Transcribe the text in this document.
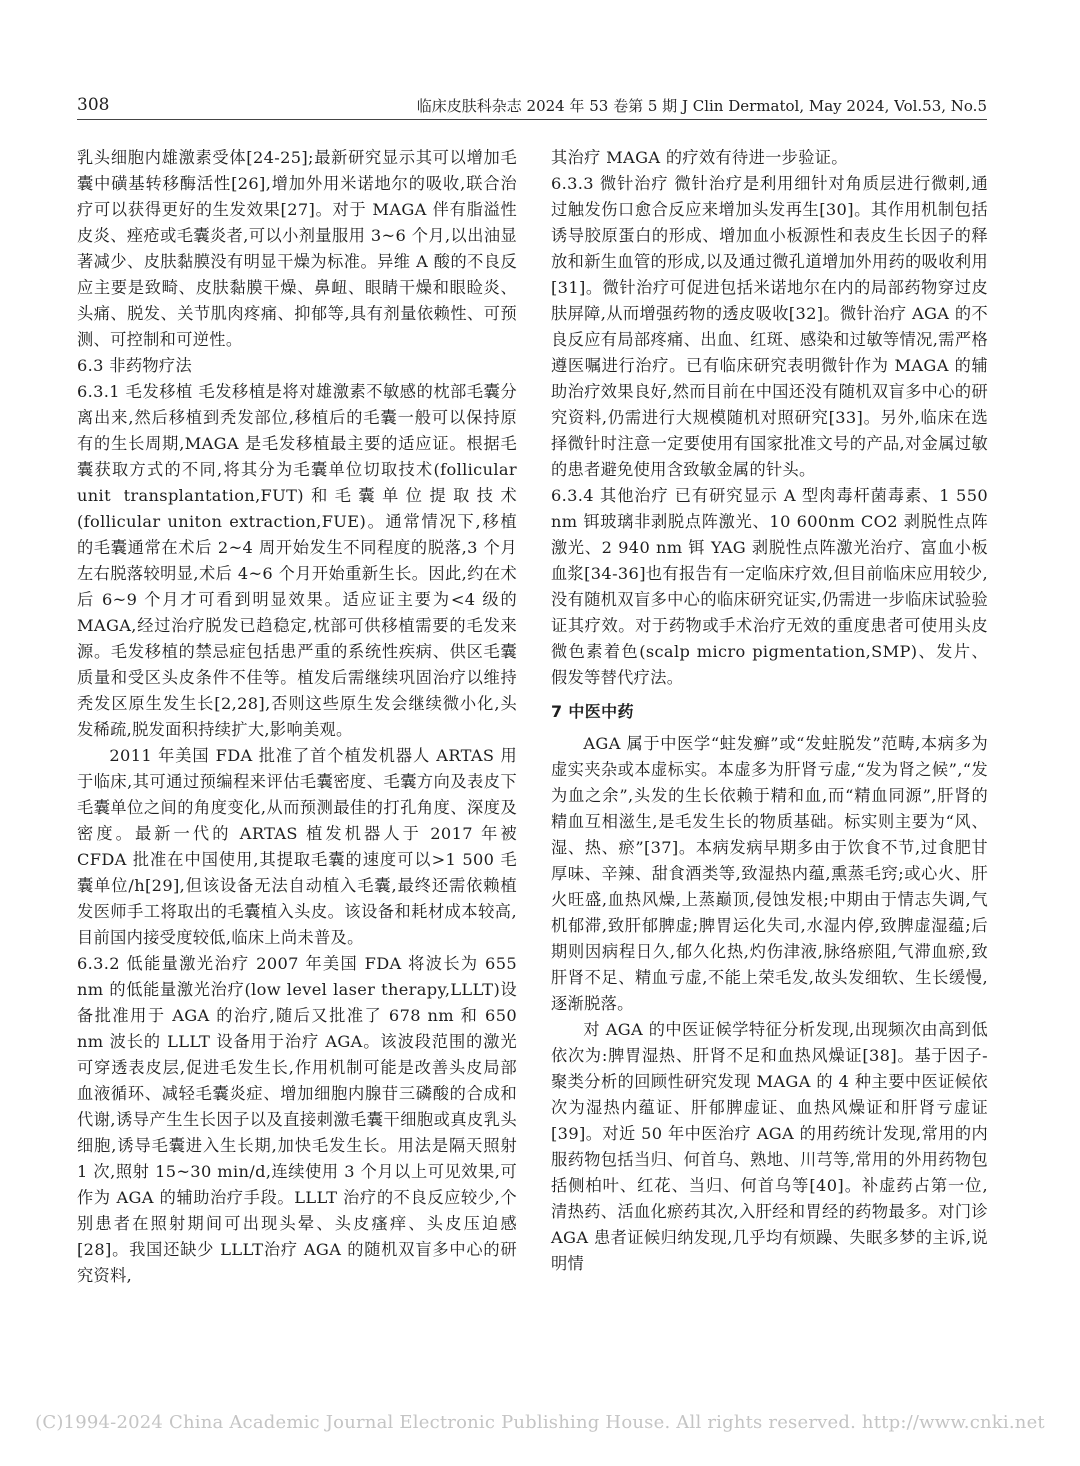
308	临床皮肤科杂志 2024 年 53 卷第 5 期 J Clin Dermatol, May 2024, Vol.53, No.5

乳头细胞内雄激素受体[24-25];最新研究显示其可以增加毛囊中磺基转移酶活性[26],增加外用米诺地尔的吸收,联合治疗可以获得更好的生发效果[27]。对于 MAGA 伴有脂溢性皮炎、痤疮或毛囊炎者,可以小剂量服用 3~6 个月,以出油显著减少、皮肤黏膜没有明显干燥为标准。异维 A 酸的不良反应主要是致畸、皮肤黏膜干燥、鼻衄、眼睛干燥和眼睑炎、头痛、脱发、关节肌肉疼痛、抑郁等,具有剂量依赖性、可预测、可控制和可逆性。

6.3 非药物疗法

6.3.1 毛发移植 毛发移植是将对雄激素不敏感的枕部毛囊分离出来,然后移植到秃发部位,移植后的毛囊一般可以保持原有的生长周期,MAGA 是毛发移植最主要的适应证。根据毛囊获取方式的不同,将其分为毛囊单位切取技术(follicular unit transplantation,FUT)和毛囊单位提取技术(follicular uniton extraction,FUE)。通常情况下,移植的毛囊通常在术后 2~4 周开始发生不同程度的脱落,3 个月左右脱落较明显,术后 4~6 个月开始重新生长。因此,约在术后 6~9 个月才可看到明显效果。适应证主要为<4 级的 MAGA,经过治疗脱发已趋稳定,枕部可供移植需要的毛发来源。毛发移植的禁忌症包括患严重的系统性疾病、供区毛囊质量和受区头皮条件不佳等。植发后需继续巩固治疗以维持秃发区原生发生长[2,28],否则这些原生发会继续微小化,头发稀疏,脱发面积持续扩大,影响美观。

2011 年美国 FDA 批准了首个植发机器人 ARTAS 用于临床,其可通过预编程来评估毛囊密度、毛囊方向及表皮下毛囊单位之间的角度变化,从而预测最佳的打孔角度、深度及密度。最新一代的 ARTAS 植发机器人于 2017 年被 CFDA 批准在中国使用,其提取毛囊的速度可以>1 500 毛囊单位/h[29],但该设备无法自动植入毛囊,最终还需依赖植发医师手工将取出的毛囊植入头皮。该设备和耗材成本较高,目前国内接受度较低,临床上尚未普及。

6.3.2 低能量激光治疗 2007 年美国 FDA 将波长为 655 nm 的低能量激光治疗(low level laser therapy,LLLT)设备批准用于 AGA 的治疗,随后又批准了 678 nm 和 650 nm 波长的 LLLT 设备用于治疗 AGA。该波段范围的激光可穿透表皮层,促进毛发生长,作用机制可能是改善头皮局部血液循环、减轻毛囊炎症、增加细胞内腺苷三磷酸的合成和代谢,诱导产生生长因子以及直接刺激毛囊干细胞或真皮乳头细胞,诱导毛囊进入生长期,加快毛发生长。用法是隔天照射 1 次,照射 15~30 min/d,连续使用 3 个月以上可见效果,可作为 AGA 的辅助治疗手段。LLLT 治疗的不良反应较少,个别患者在照射期间可出现头晕、头皮瘙痒、头皮压迫感[28]。我国还缺少 LLLT治疗 AGA 的随机双盲多中心的研究资料,

其治疗 MAGA 的疗效有待进一步验证。

6.3.3 微针治疗 微针治疗是利用细针对角质层进行微刺,通过触发伤口愈合反应来增加头发再生[30]。其作用机制包括诱导胶原蛋白的形成、增加血小板源性和表皮生长因子的释放和新生血管的形成,以及通过微孔道增加外用药的吸收利用[31]。微针治疗可促进包括米诺地尔在内的局部药物穿过皮肤屏障,从而增强药物的透皮吸收[32]。微针治疗 AGA 的不良反应有局部疼痛、出血、红斑、感染和过敏等情况,需严格遵医嘱进行治疗。已有临床研究表明微针作为 MAGA 的辅助治疗效果良好,然而目前在中国还没有随机双盲多中心的研究资料,仍需进行大规模随机对照研究[33]。另外,临床在选择微针时注意一定要使用有国家批准文号的产品,对金属过敏的患者避免使用含致敏金属的针头。

6.3.4 其他治疗 已有研究显示 A 型肉毒杆菌毒素、1 550 nm 铒玻璃非剥脱点阵激光、10 600nm CO2 剥脱性点阵激光、2 940 nm 铒 YAG 剥脱性点阵激光治疗、富血小板血浆[34-36]也有报告有一定临床疗效,但目前临床应用较少,没有随机双盲多中心的临床研究证实,仍需进一步临床试验验证其疗效。对于药物或手术治疗无效的重度患者可使用头皮微色素着色(scalp micro pigmentation,SMP)、发片、假发等替代疗法。

7 中医中药

AGA 属于中医学“蛀发癣”或“发蛀脱发”范畴,本病多为虚实夹杂或本虚标实。本虚多为肝肾亏虚,“发为肾之候”,“发为血之余”,头发的生长依赖于精和血,而“精血同源”,肝肾的精血互相滋生,是毛发生长的物质基础。标实则主要为“风、湿、热、瘀”[37]。本病发病早期多由于饮食不节,过食肥甘厚味、辛辣、甜食酒类等,致湿热内蕴,熏蒸毛窍;或心火、肝火旺盛,血热风燥,上蒸巅顶,侵蚀发根;中期由于情志失调,气机郁滞,致肝郁脾虚;脾胃运化失司,水湿内停,致脾虚湿蕴;后期则因病程日久,郁久化热,灼伤津液,脉络瘀阻,气滞血瘀,致肝肾不足、精血亏虚,不能上荣毛发,故头发细软、生长缓慢,逐渐脱落。

对 AGA 的中医证候学特征分析发现,出现频次由高到低依次为:脾胃湿热、肝肾不足和血热风燥证[38]。基于因子-聚类分析的回顾性研究发现 MAGA 的 4 种主要中医证候依次为湿热内蕴证、肝郁脾虚证、血热风燥证和肝肾亏虚证[39]。对近 50 年中医治疗 AGA 的用药统计发现,常用的内服药物包括当归、何首乌、熟地、川芎等,常用的外用药物包括侧柏叶、红花、当归、何首乌等[40]。补虚药占第一位,清热药、活血化瘀药其次,入肝经和胃经的药物最多。对门诊 AGA 患者证候归纳发现,几乎均有烦躁、失眠多梦的主诉,说明情

(C)1994-2024 China Academic Journal Electronic Publishing House. All rights reserved. http://www.cnki.net
